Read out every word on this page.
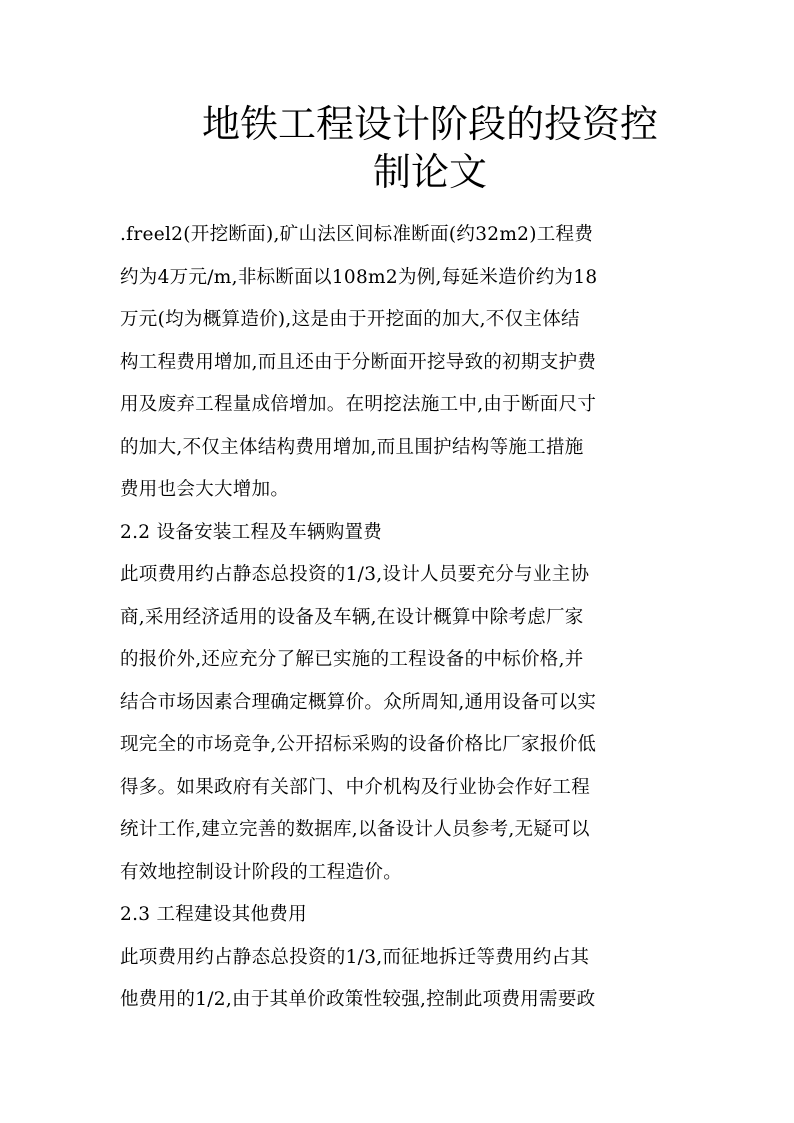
地铁工程设计阶段的投资控
制论文
.freel2(开挖断面),矿山法区间标准断面(约32m2)工程费
约为4万元/m,非标断面以108m2为例,每延米造价约为18
万元(均为概算造价),这是由于开挖面的加大,不仅主体结
构工程费用增加,而且还由于分断面开挖导致的初期支护费
用及废弃工程量成倍增加。在明挖法施工中,由于断面尺寸
的加大,不仅主体结构费用增加,而且围护结构等施工措施
费用也会大大增加。
2.2 设备安装工程及车辆购置费
此项费用约占静态总投资的1/3,设计人员要充分与业主协
商,采用经济适用的设备及车辆,在设计概算中除考虑厂家
的报价外,还应充分了解已实施的工程设备的中标价格,并
结合市场因素合理确定概算价。众所周知,通用设备可以实
现完全的市场竞争,公开招标采购的设备价格比厂家报价低
得多。如果政府有关部门、中介机构及行业协会作好工程
统计工作,建立完善的数据库,以备设计人员参考,无疑可以
有效地控制设计阶段的工程造价。
2.3 工程建设其他费用
此项费用约占静态总投资的1/3,而征地拆迁等费用约占其
他费用的1/2,由于其单价政策性较强,控制此项费用需要政
